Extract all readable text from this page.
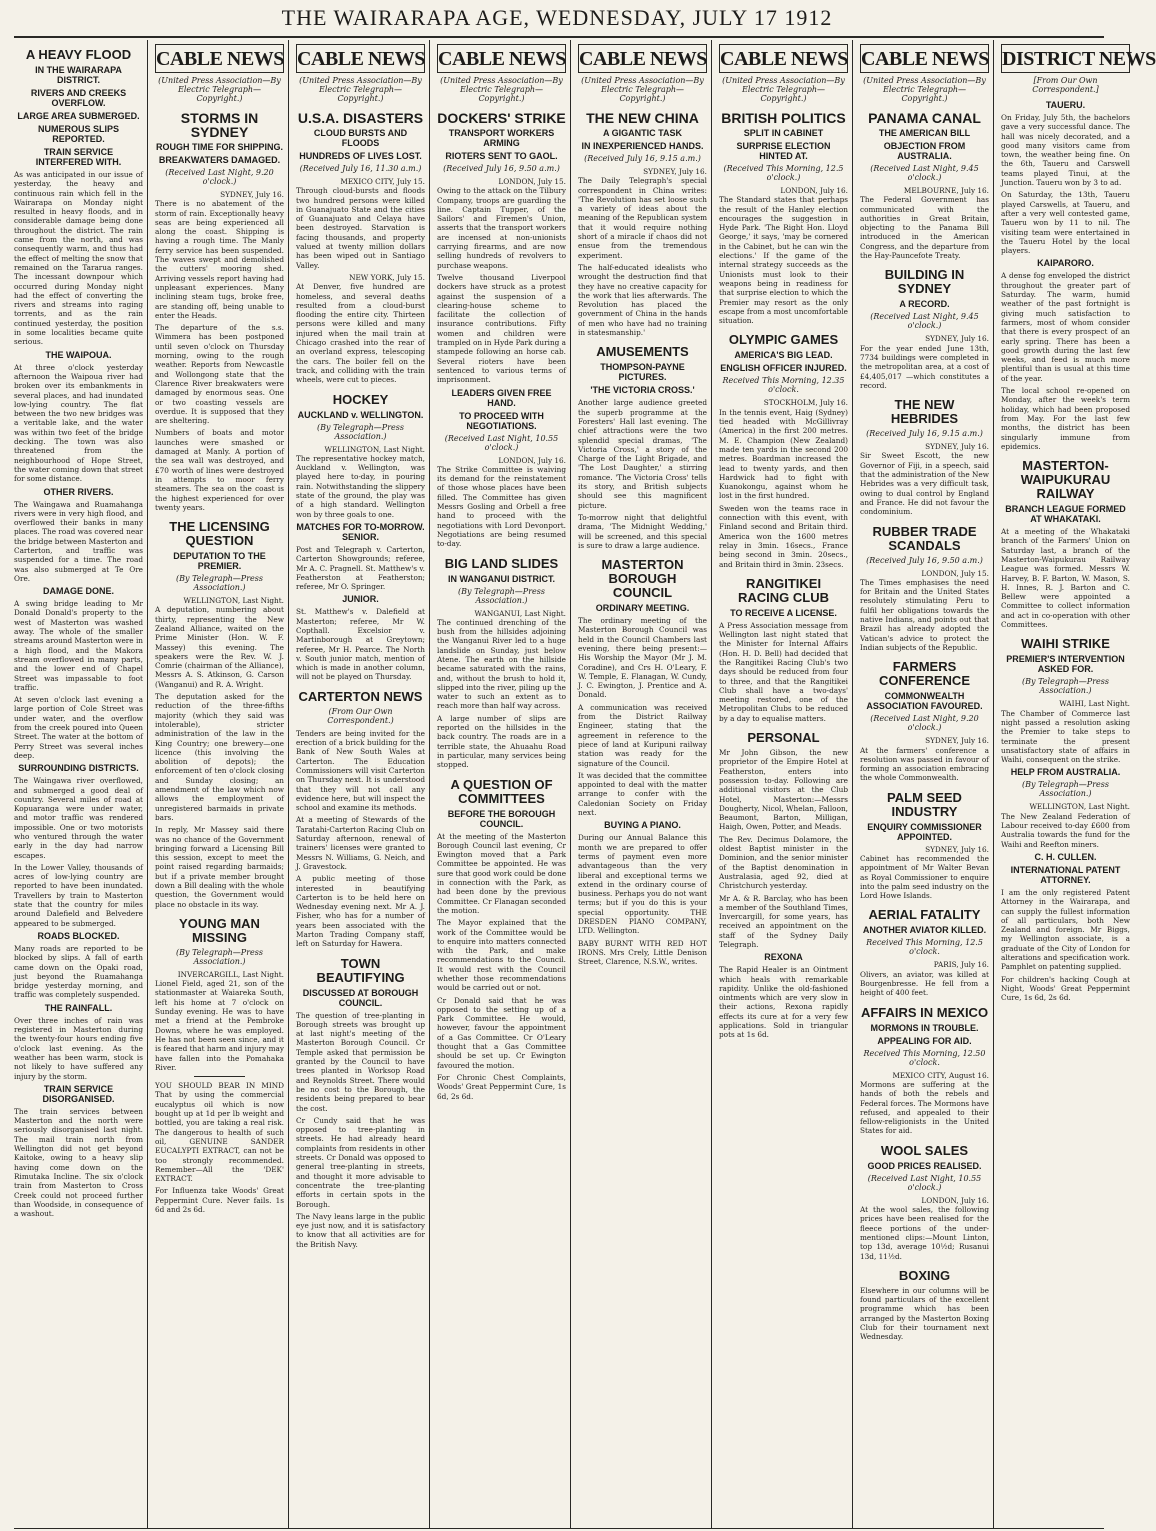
THE WAIRARAPA AGE, WEDNESDAY, JULY 17 1912
A HEAVY FLOOD
IN THE WAIRARAPA DISTRICT.
RIVERS AND CREEKS OVERFLOW.
LARGE AREA SUBMERGED.
NUMEROUS SLIPS REPORTED.
TRAIN SERVICE INTERFERED WITH.
As was anticipated in our issue of yesterday, the heavy and continuous rain which fell in the Wairarapa on Monday night resulted in heavy floods, and in considerable damage being done throughout the district. The rain came from the north, and was consequently warm, and thus had the effect of melting the snow that remained on the Tararua ranges. The incessant downpour which occurred during Monday night had the effect of converting the rivers and streams into raging torrents, and as the rain continued yesterday, the position in some localities became quite serious.
THE WAIPOUA.
At three o'clock yesterday afternoon the Waipoua river had broken over its embankments in several places, and had inundated low-lying country. The flat between the two new bridges was a veritable lake, and the water was within two feet of the bridge decking. The town was also threatened from the neighbourhood of Hope Street, the water coming down that street for some distance.
OTHER RIVERS.
The Waingawa and Ruamahanga rivers were in very high flood, and overflowed their banks in many places. The road was covered near the bridge between Masterton and Carterton, and traffic was suspended for a time. The road was also submerged at Te Ore Ore.
DAMAGE DONE.
A swing bridge leading to Mr Donald Donald's property to the west of Masterton was washed away. The whole of the smaller streams around Masterton were in a high flood, and the Makora stream overflowed in many parts, and the lower end of Chapel Street was impassable to foot traffic.
At seven o'clock last evening a large portion of Cole Street was under water, and the overflow from the creek poured into Queen Street. The water at the bottom of Perry Street was several inches deep.
SURROUNDING DISTRICTS.
The Waingawa river overflowed, and submerged a good deal of country. Several miles of road at Kopuaranga were under water, and motor traffic was rendered impossible. One or two motorists who ventured through the water early in the day had narrow escapes.
In the Lower Valley, thousands of acres of low-lying country are reported to have been inundated. Travellers by train to Masterton state that the country for miles around Dalefield and Belvedere appeared to be submerged.
ROADS BLOCKED.
Many roads are reported to be blocked by slips. A fall of earth came down on the Opaki road, just beyond the Ruamahanga bridge yesterday morning, and traffic was completely suspended.
THE RAINFALL.
Over three inches of rain was registered in Masterton during the twenty-four hours ending five o'clock last evening. As the weather has been warm, stock is not likely to have suffered any injury by the storm.
TRAIN SERVICE DISORGANISED.
The train services between Masterton and the north were seriously disorganised last night. The mail train north from Wellington did not get beyond Kaitoke, owing to a heavy slip having come down on the Rimutaka Incline. The six o'clock train from Masterton to Cross Creek could not proceed further than Woodside, in consequence of a washout.
CABLE NEWS
(United Press Association—By Electric Telegraph—Copyright.)
STORMS IN SYDNEY
ROUGH TIME FOR SHIPPING.
BREAKWATERS DAMAGED.
(Received Last Night, 9.20 o'clock.)
SYDNEY, July 16.
There is no abatement of the storm of rain. Exceptionally heavy seas are being experienced all along the coast. Shipping is having a rough time. The Manly ferry service has been suspended. The waves swept and demolished the cutters' mooring shed. Arriving vessels report having had unpleasant experiences. Many inclining steam tugs, broke free, are standing off, being unable to enter the Heads.
The departure of the s.s. Wimmera has been postponed until seven o'clock on Thursday morning, owing to the rough weather. Reports from Newcastle and Wollongong state that the Clarence River breakwaters were damaged by enormous seas. One or two coasting vessels are overdue. It is supposed that they are sheltering.
Numbers of boats and motor launches were smashed or damaged at Manly. A portion of the sea wall was destroyed, and £70 worth of lines were destroyed in attempts to moor ferry steamers. The sea on the coast is the highest experienced for over twenty years.
THE LICENSING QUESTION
DEPUTATION TO THE PREMIER.
(By Telegraph—Press Association.)
WELLINGTON, Last Night.
A deputation, numbering about thirty, representing the New Zealand Alliance, waited on the Prime Minister (Hon. W. F. Massey) this evening. The speakers were the Rev. W. J. Comrie (chairman of the Alliance), Messrs A. S. Atkinson, G. Carson (Wanganui) and R. A. Wright.
The deputation asked for the reduction of the three-fifths majority (which they said was intolerable), stricter administration of the law in the King Country; one brewery—one licence (this involving the abolition of depots); the enforcement of ten o'clock closing and Sunday closing; an amendment of the law which now allows the employment of unregistered barmaids in private bars.
In reply, Mr Massey said there was no chance of the Government bringing forward a Licensing Bill this session, except to meet the point raised regarding barmaids; but if a private member brought down a Bill dealing with the whole question, the Government would place no obstacle in its way.
YOUNG MAN MISSING
(By Telegraph—Press Association.)
INVERCARGILL, Last Night.
Lionel Field, aged 21, son of the stationmaster at Waiareka South, left his home at 7 o'clock on Sunday evening. He was to have met a friend at the Pembroke Downs, where he was employed. He has not been seen since, and it is feared that harm and injury may have fallen into the Pomahaka River.
YOU SHOULD BEAR IN MIND That by using the commercial eucalyptus oil which is now bought up at 1d per lb weight and bottled, you are taking a real risk. The dangerous to health of such oil, GENUINE SANDER EUCALYPTI EXTRACT, can not be too strongly recommended. Remember—All the 'DEK' EXTRACT.
For Influenza take Woods' Great Peppermint Cure. Never fails. 1s 6d and 2s 6d.
CABLE NEWS
(United Press Association—By Electric Telegraph—Copyright.)
U.S.A. DISASTERS
CLOUD BURSTS AND FLOODS
HUNDREDS OF LIVES LOST.
(Received July 16, 11.30 a.m.)
MEXICO CITY, July 15.
Through cloud-bursts and floods two hundred persons were killed in Guanajuato State and the cities of Guanajuato and Celaya have been destroyed. Starvation is facing thousands, and property valued at twenty million dollars has been wiped out in Santiago Valley.
NEW YORK, July 15.
At Denver, five hundred are homeless, and several deaths resulted from a cloud-burst flooding the entire city. Thirteen persons were killed and many injured when the mail train at Chicago crashed into the rear of an overland express, telescoping the cars. The boiler fell on the track, and colliding with the train wheels, were cut to pieces.
HOCKEY
AUCKLAND v. WELLINGTON.
(By Telegraph—Press Association.)
WELLINGTON, Last Night.
The representative hockey match, Auckland v. Wellington, was played here to-day, in pouring rain. Notwithstanding the slippery state of the ground, the play was of a high standard. Wellington won by three goals to one.
MATCHES FOR TO-MORROW. SENIOR.
Post and Telegraph v. Carterton, Carterton Showgrounds; referee, Mr A. C. Pragnell. St. Matthew's v. Featherston at Featherston; referee, Mr O. Springer.
JUNIOR.
St. Matthew's v. Dalefield at Masterton; referee, Mr W. Copthall. Excelsior v. Martinborough at Greytown; referee, Mr H. Pearce. The North v. South junior match, mention of which is made in another column, will not be played on Thursday.
CARTERTON NEWS
(From Our Own Correspondent.)
Tenders are being invited for the erection of a brick building for the Bank of New South Wales at Carterton. The Education Commissioners will visit Carterton on Thursday next. It is understood that they will not call any evidence here, but will inspect the school and examine its methods.
At a meeting of Stewards of the Taratahi-Carterton Racing Club on Saturday afternoon, renewal of trainers' licenses were granted to Messrs N. Williams, G. Neich, and J. Gravestock.
A public meeting of those interested in beautifying Carterton is to be held here on Wednesday evening next. Mr A. J. Fisher, who has for a number of years been associated with the Marton Trading Company staff, left on Saturday for Hawera.
TOWN BEAUTIFYING
DISCUSSED AT BOROUGH COUNCIL.
The question of tree-planting in Borough streets was brought up at last night's meeting of the Masterton Borough Council. Cr Temple asked that permission be granted by the Council to have trees planted in Worksop Road and Reynolds Street. There would be no cost to the Borough, the residents being prepared to bear the cost.
Cr Cundy said that he was opposed to tree-planting in streets. He had already heard complaints from residents in other streets. Cr Donald was opposed to general tree-planting in streets, and thought it more advisable to concentrate the tree-planting efforts in certain spots in the Borough.
The Navy leans large in the public eye just now, and it is satisfactory to know that all activities are for the British Navy.
CABLE NEWS
(United Press Association—By Electric Telegraph—Copyright.)
DOCKERS' STRIKE
TRANSPORT WORKERS ARMING
RIOTERS SENT TO GAOL.
(Received July 16, 9.50 a.m.)
LONDON, July 15.
Owing to the attack on the Tilbury Company, troops are guarding the line. Captain Tupper, of the Sailors' and Firemen's Union, asserts that the transport workers are incensed at non-unionists carrying firearms, and are now selling hundreds of revolvers to purchase weapons.
Twelve thousand Liverpool dockers have struck as a protest against the suspension of a clearing-house scheme to facilitate the collection of insurance contributions. Fifty women and children were trampled on in Hyde Park during a stampede following an horse cab. Several rioters have been sentenced to various terms of imprisonment.
LEADERS GIVEN FREE HAND.
TO PROCEED WITH NEGOTIATIONS.
(Received Last Night, 10.55 o'clock.)
LONDON, July 16.
The Strike Committee is waiving its demand for the reinstatement of those whose places have been filled. The Committee has given Messrs Gosling and Orbell a free hand to proceed with the negotiations with Lord Devonport. Negotiations are being resumed to-day.
BIG LAND SLIDES
IN WANGANUI DISTRICT.
(By Telegraph—Press Association.)
WANGANUI, Last Night.
The continued drenching of the bush from the hillsides adjoining the Wanganui River led to a huge landslide on Sunday, just below Atene. The earth on the hillside became saturated with the rains, and, without the brush to hold it, slipped into the river, piling up the water to such an extent as to reach more than half way across.
A large number of slips are reported on the hillsides in the back country. The roads are in a terrible state, the Ahuaahu Road in particular, many services being stopped.
A QUESTION OF COMMITTEES
BEFORE THE BOROUGH COUNCIL.
At the meeting of the Masterton Borough Council last evening, Cr Ewington moved that a Park Committee be appointed. He was sure that good work could be done in connection with the Park, as had been done by the previous Committee. Cr Flanagan seconded the motion.
The Mayor explained that the work of the Committee would be to enquire into matters connected with the Park, and make recommendations to the Council. It would rest with the Council whether those recommendations would be carried out or not.
Cr Donald said that he was opposed to the setting up of a Park Committee. He would, however, favour the appointment of a Gas Committee. Cr O'Leary thought that a Gas Committee should be set up. Cr Ewington favoured the motion.
For Chronic Chest Complaints, Woods' Great Peppermint Cure, 1s 6d, 2s 6d.
CABLE NEWS
(United Press Association—By Electric Telegraph—Copyright.)
THE NEW CHINA
A GIGANTIC TASK
IN INEXPERIENCED HANDS.
(Received July 16, 9.15 a.m.)
SYDNEY, July 16.
The Daily Telegraph's special correspondent in China writes: 'The Revolution has set loose such a variety of ideas about the meaning of the Republican system that it would require nothing short of a miracle if chaos did not ensue from the tremendous experiment.
The half-educated idealists who wrought the destruction find that they have no creative capacity for the work that lies afterwards. The Revolution has placed the government of China in the hands of men who have had no training in statesmanship.'
AMUSEMENTS
THOMPSON-PAYNE PICTURES.
'THE VICTORIA CROSS.'
Another large audience greeted the superb programme at the Foresters' Hall last evening. The chief attractions were the two splendid special dramas, 'The Victoria Cross,' a story of the Charge of the Light Brigade, and 'The Lost Daughter,' a stirring romance. 'The Victoria Cross' tells its story, and British subjects should see this magnificent picture.
To-morrow night that delightful drama, 'The Midnight Wedding,' will be screened, and this special is sure to draw a large audience.
MASTERTON BOROUGH COUNCIL
ORDINARY MEETING.
The ordinary meeting of the Masterton Borough Council was held in the Council Chambers last evening, there being present:—His Worship the Mayor (Mr J. M. Coradine), and Crs H. O'Leary, F. W. Temple, E. Flanagan, W. Cundy, J. C. Ewington, J. Prentice and A. Donald.
A communication was received from the District Railway Engineer, stating that the agreement in reference to the piece of land at Kuripuni railway station was ready for the signature of the Council.
It was decided that the committee appointed to deal with the matter arrange to confer with the Caledonian Society on Friday next.
BUYING A PIANO.
During our Annual Balance this month we are prepared to offer terms of payment even more advantageous than the very liberal and exceptional terms we extend in the ordinary course of business. Perhaps you do not want terms; but if you do this is your special opportunity. THE DRESDEN PIANO COMPANY, LTD. Wellington.
BABY BURNT WITH RED HOT IRONS. Mrs Crely, Little Denison Street, Clarence, N.S.W., writes.
CABLE NEWS
(United Press Association—By Electric Telegraph—Copyright.)
BRITISH POLITICS
SPLIT IN CABINET
SURPRISE ELECTION HINTED AT.
(Received This Morning, 12.5 o'clock.)
LONDON, July 16.
The Standard states that perhaps the result of the Hanley election encourages the suggestion in Hyde Park. 'The Right Hon. Lloyd George,' it says, 'may be cornered in the Cabinet, but he can win the elections.' If the game of the internal strategy succeeds as the Unionists must look to their weapons being in readiness for that surprise election to which the Premier may resort as the only escape from a most uncomfortable situation.
OLYMPIC GAMES
AMERICA'S BIG LEAD.
ENGLISH OFFICER INJURED.
Received This Morning, 12.35 o'clock.
STOCKHOLM, July 16.
In the tennis event, Haig (Sydney) tied headed with McGillivray (America) in the first 200 metres. M. E. Champion (New Zealand) made ten yards in the second 200 metres. Boardman increased the lead to twenty yards, and then Hardwick had to fight with Kuanokongu, against whom he lost in the first hundred.
Sweden won the teams race in connection with this event, with Finland second and Britain third. America won the 1600 metres relay in 3min. 16secs., France being second in 3min. 20secs., and Britain third in 3min. 23secs.
RANGITIKEI RACING CLUB
TO RECEIVE A LICENSE.
A Press Association message from Wellington last night stated that the Minister for Internal Affairs (Hon. H. D. Bell) had decided that the Rangitikei Racing Club's two days should be reduced from four to three, and that the Rangitikei Club shall have a two-days' meeting restored, one of the Metropolitan Clubs to be reduced by a day to equalise matters.
PERSONAL
Mr John Gibson, the new proprietor of the Empire Hotel at Featherston, enters into possession to-day. Following are additional visitors at the Club Hotel, Masterton:—Messrs Dougherty, Nicol, Whelan, Falloon, Beaumont, Barton, Milligan, Haigh, Owen, Potter, and Meads.
The Rev. Decimus Dolamore, the oldest Baptist minister in the Dominion, and the senior minister of the Baptist denomination in Australasia, aged 92, died at Christchurch yesterday.
Mr A. & R. Barclay, who has been a member of the Southland Times, Invercargill, for some years, has received an appointment on the staff of the Sydney Daily Telegraph.
REXONA
The Rapid Healer is an Ointment which heals with remarkable rapidity. Unlike the old-fashioned ointments which are very slow in their actions, Rexona rapidly effects its cure at for a very few applications. Sold in triangular pots at 1s 6d.
CABLE NEWS
(United Press Association—By Electric Telegraph—Copyright.)
PANAMA CANAL
THE AMERICAN BILL
OBJECTION FROM AUSTRALIA.
(Received Last Night, 9.45 o'clock.)
MELBOURNE, July 16.
The Federal Government has communicated with the authorities in Great Britain, objecting to the Panama Bill introduced in the American Congress, and the departure from the Hay-Pauncefote Treaty.
BUILDING IN SYDNEY
A RECORD.
(Received Last Night, 9.45 o'clock.)
SYDNEY, July 16.
For the year ended June 13th, 7734 buildings were completed in the metropolitan area, at a cost of £4,405,017 —which constitutes a record.
THE NEW HEBRIDES
(Received July 16, 9.15 a.m.)
SYDNEY, July 16.
Sir Sweet Escott, the new Governor of Fiji, in a speech, said that the administration of the New Hebrides was a very difficult task, owing to dual control by England and France. He did not favour the condominium.
RUBBER TRADE SCANDALS
(Received July 16, 9.50 a.m.)
LONDON, July 15.
The Times emphasises the need for Britain and the United States resolutely stimulating Peru to fulfil her obligations towards the native Indians, and points out that Brazil has already adopted the Vatican's advice to protect the Indian subjects of the Republic.
FARMERS CONFERENCE
COMMONWEALTH ASSOCIATION FAVOURED.
(Received Last Night, 9.20 o'clock.)
SYDNEY, July 16.
At the farmers' conference a resolution was passed in favour of forming an association embracing the whole Commonwealth.
PALM SEED INDUSTRY
ENQUIRY COMMISSIONER APPOINTED.
SYDNEY, July 16.
Cabinet has recommended the appointment of Mr Walter Bevan as Royal Commissioner to enquire into the palm seed industry on the Lord Howe Islands.
AERIAL FATALITY
ANOTHER AVIATOR KILLED.
Received This Morning, 12.5 o'clock.
PARIS, July 16.
Olivers, an aviator, was killed at Bourgenbresse. He fell from a height of 400 feet.
AFFAIRS IN MEXICO
MORMONS IN TROUBLE.
APPEALING FOR AID.
Received This Morning, 12.50 o'clock.
MEXICO CITY, August 16.
Mormons are suffering at the hands of both the rebels and Federal forces. The Mormons have refused, and appealed to their fellow-religionists in the United States for aid.
WOOL SALES
GOOD PRICES REALISED.
(Received Last Night, 10.55 o'clock.)
LONDON, July 16.
At the wool sales, the following prices have been realised for the fleece portions of the under-mentioned clips:—Mount Linton, top 13d, average 10½d; Rusanui 13d, 11½d.
BOXING
Elsewhere in our columns will be found particulars of the excellent programme which has been arranged by the Masterton Boxing Club for their tournament next Wednesday.
DISTRICT NEWS
[From Our Own Correspondent.]
TAUERU.
On Friday, July 5th, the bachelors gave a very successful dance. The hall was nicely decorated, and a good many visitors came from town, the weather being fine. On the 6th, Taueru and Carswell teams played Tinui, at the Junction. Taueru won by 3 to ad.
On Saturday, the 13th, Taueru played Carswells, at Taueru, and after a very well contested game, Taueru won by 11 to nil. The visiting team were entertained in the Taueru Hotel by the local players.
KAIPARORO.
A dense fog enveloped the district throughout the greater part of Saturday. The warm, humid weather of the past fortnight is giving much satisfaction to farmers, most of whom consider that there is every prospect of an early spring. There has been a good growth during the last few weeks, and feed is much more plentiful than is usual at this time of the year.
The local school re-opened on Monday, after the week's term holiday, which had been proposed from May. For the last few months, the district has been singularly immune from epidemics.
MASTERTON-WAIPUKURAU RAILWAY
BRANCH LEAGUE FORMED AT WHAKATAKI.
At a meeting of the Whakataki branch of the Farmers' Union on Saturday last, a branch of the Masterton-Waipukurau Railway League was formed. Messrs W. Harvey, B. F. Barton, W. Mason, S. H. Innes, R. J. Barton and C. Bellew were appointed a Committee to collect information and act in co-operation with other Committees.
WAIHI STRIKE
PREMIER'S INTERVENTION ASKED FOR.
(By Telegraph—Press Association.)
WAIHI, Last Night.
The Chamber of Commerce last night passed a resolution asking the Premier to take steps to terminate the present unsatisfactory state of affairs in Waihi, consequent on the strike.
HELP FROM AUSTRALIA.
(By Telegraph—Press Association.)
WELLINGTON, Last Night.
The New Zealand Federation of Labour received to-day £600 from Australia towards the fund for the Waihi and Reefton miners.
C. H. CULLEN.
INTERNATIONAL PATENT ATTORNEY.
I am the only registered Patent Attorney in the Wairarapa, and can supply the fullest information of all particulars, both New Zealand and foreign. Mr Biggs, my Wellington associate, is a graduate of the City of London for alterations and specification work. Pamphlet on patenting supplied.
For children's hacking Cough at Night, Woods' Great Peppermint Cure, 1s 6d, 2s 6d.
